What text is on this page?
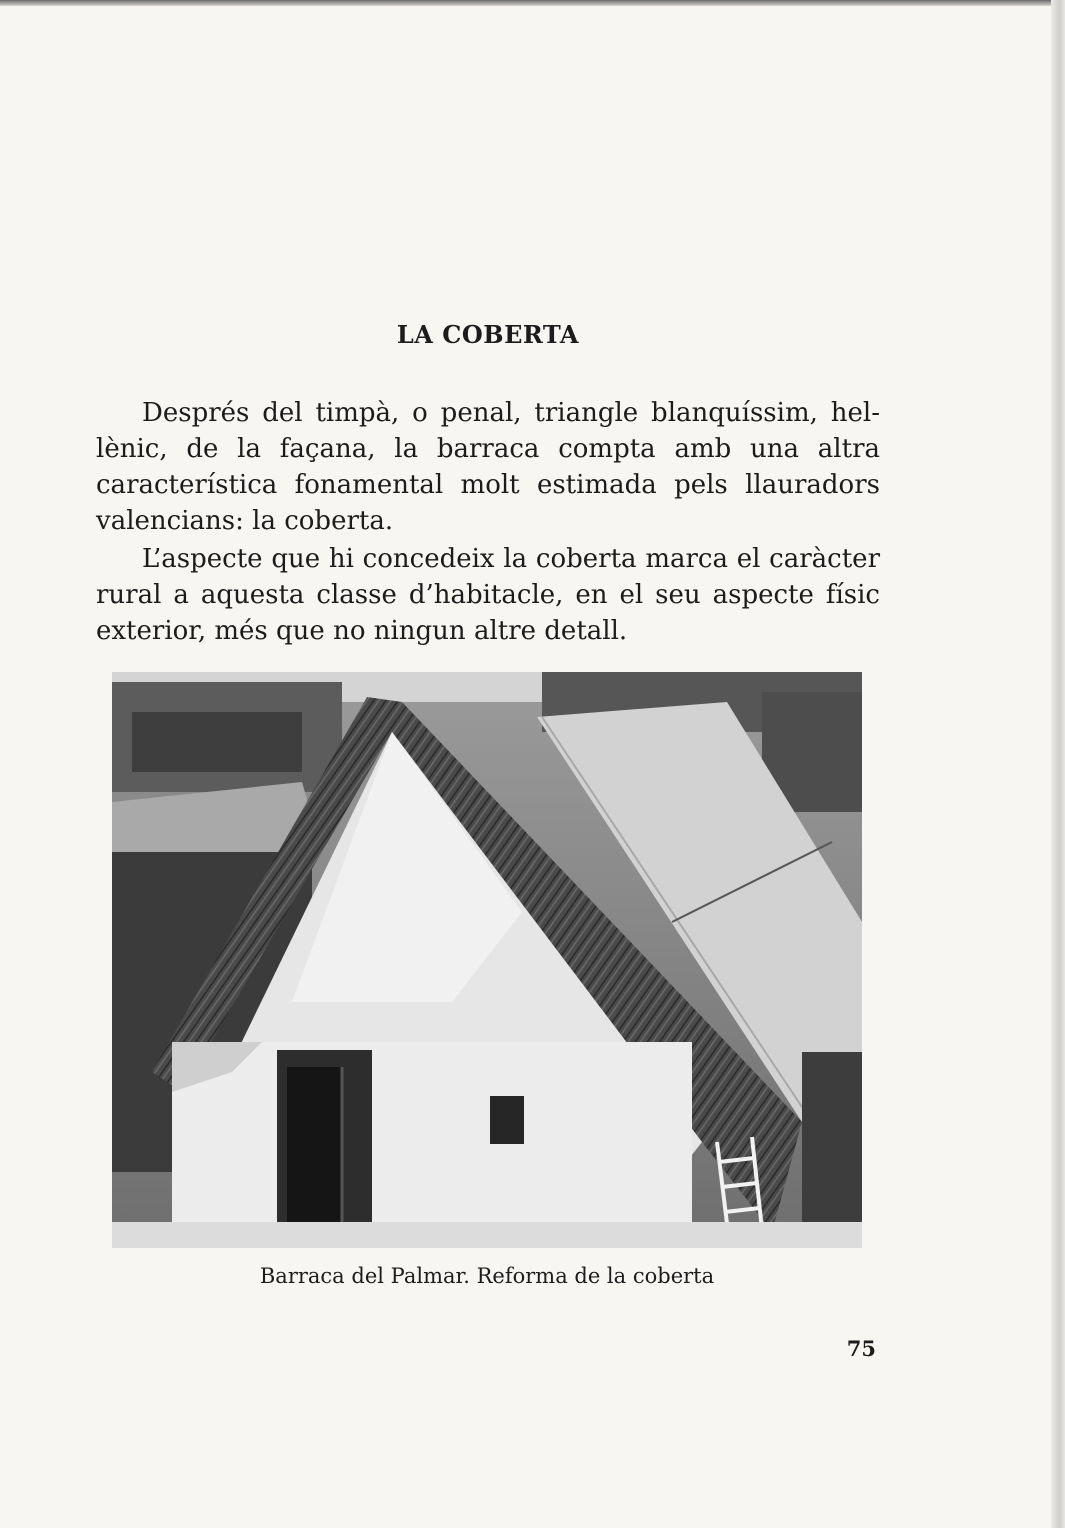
LA COBERTA

Després del timpà, o penal, triangle blanquíssim, hellènic, de la façana, la barraca compta amb una altra característica fonamental molt estimada pels llauradors valencians: la coberta.

L’aspecte que hi concedeix la coberta marca el caràcter rural a aquesta classe d’habitacle, en el seu aspecte físic exterior, més que no ningun altre detall.

Barraca del Palmar. Reforma de la coberta
75
